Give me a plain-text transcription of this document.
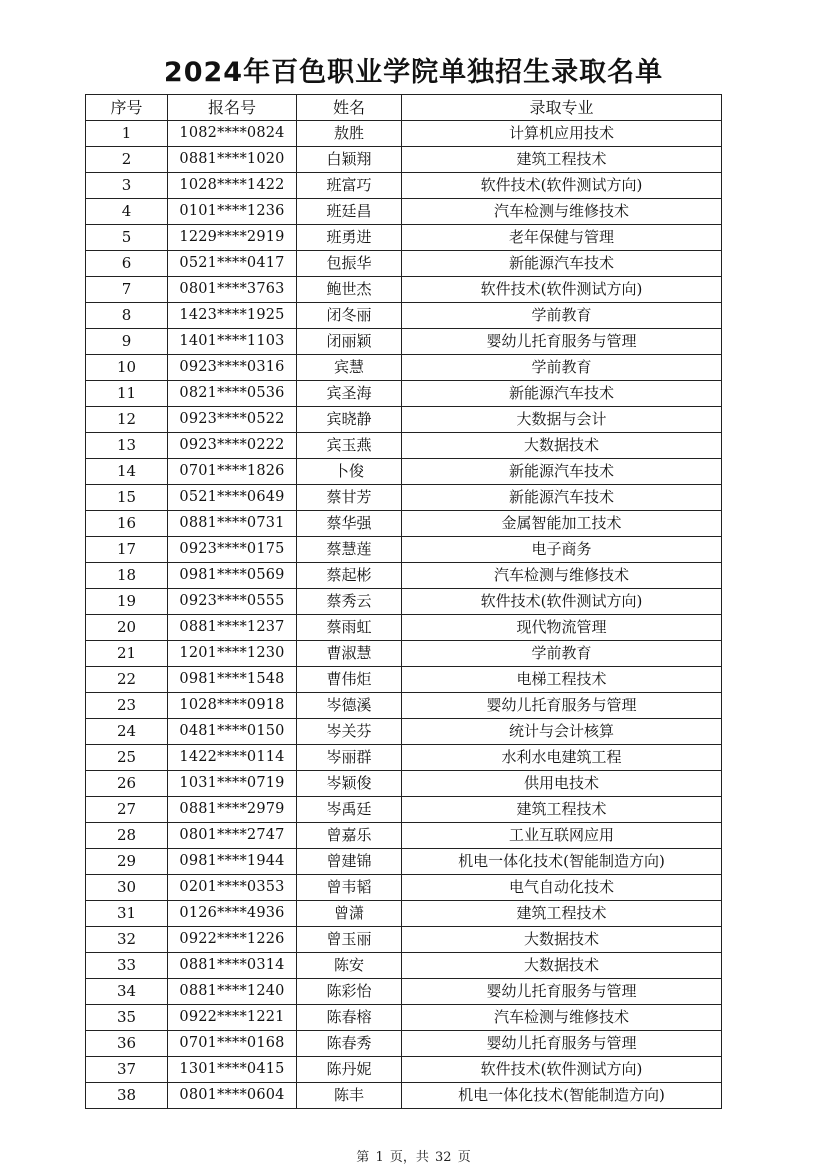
2024年百色职业学院单独招生录取名单
序号	报名号	姓名	录取专业
1	1082****0824	敖胜	计算机应用技术
2	0881****1020	白颖翔	建筑工程技术
3	1028****1422	班富巧	软件技术(软件测试方向)
4	0101****1236	班廷昌	汽车检测与维修技术
5	1229****2919	班勇进	老年保健与管理
6	0521****0417	包振华	新能源汽车技术
7	0801****3763	鲍世杰	软件技术(软件测试方向)
8	1423****1925	闭冬丽	学前教育
9	1401****1103	闭丽颖	婴幼儿托育服务与管理
10	0923****0316	宾慧	学前教育
11	0821****0536	宾圣海	新能源汽车技术
12	0923****0522	宾晓静	大数据与会计
13	0923****0222	宾玉燕	大数据技术
14	0701****1826	卜俊	新能源汽车技术
15	0521****0649	蔡甘芳	新能源汽车技术
16	0881****0731	蔡华强	金属智能加工技术
17	0923****0175	蔡慧莲	电子商务
18	0981****0569	蔡起彬	汽车检测与维修技术
19	0923****0555	蔡秀云	软件技术(软件测试方向)
20	0881****1237	蔡雨虹	现代物流管理
21	1201****1230	曹淑慧	学前教育
22	0981****1548	曹伟炬	电梯工程技术
23	1028****0918	岑德溪	婴幼儿托育服务与管理
24	0481****0150	岑关芬	统计与会计核算
25	1422****0114	岑丽群	水利水电建筑工程
26	1031****0719	岑颖俊	供用电技术
27	0881****2979	岑禹廷	建筑工程技术
28	0801****2747	曾嘉乐	工业互联网应用
29	0981****1944	曾建锦	机电一体化技术(智能制造方向)
30	0201****0353	曾韦韬	电气自动化技术
31	0126****4936	曾潇	建筑工程技术
32	0922****1226	曾玉丽	大数据技术
33	0881****0314	陈安	大数据技术
34	0881****1240	陈彩怡	婴幼儿托育服务与管理
35	0922****1221	陈春榕	汽车检测与维修技术
36	0701****0168	陈春秀	婴幼儿托育服务与管理
37	1301****0415	陈丹妮	软件技术(软件测试方向)
38	0801****0604	陈丰	机电一体化技术(智能制造方向)
第 1 页，共 32 页
